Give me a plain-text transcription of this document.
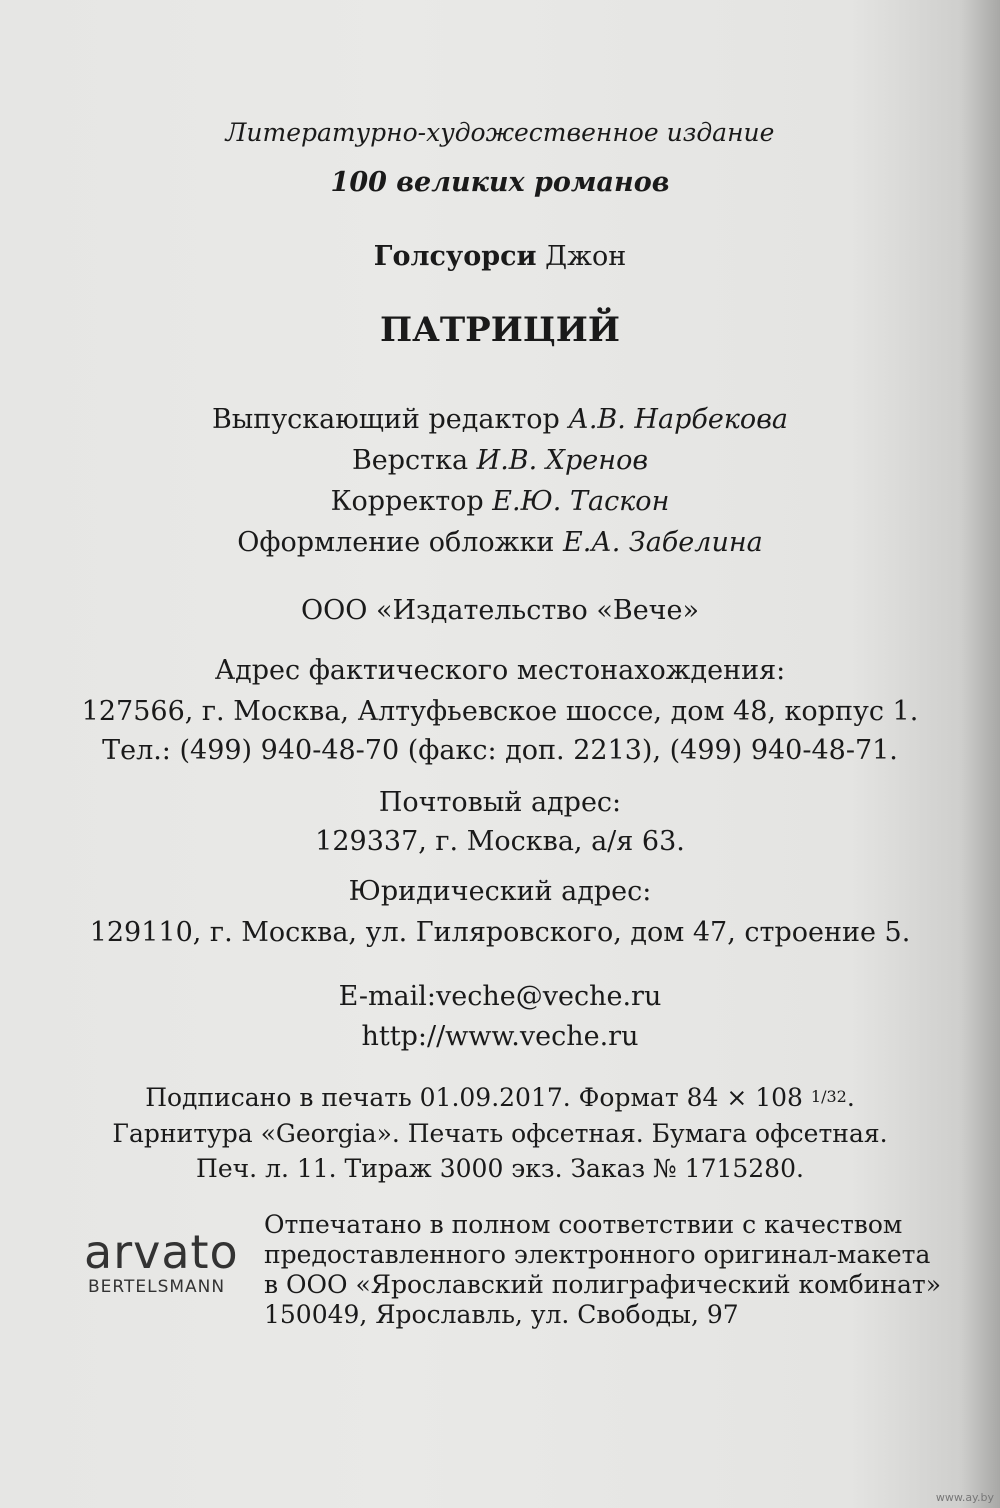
Литературно-художественное издание
100 великих романов
Голсуорси Джон
ПАТРИЦИЙ
Выпускающий редактор А.В. Нарбекова
Верстка И.В. Хренов
Корректор Е.Ю. Таскон
Оформление обложки Е.А. Забелина
ООО «Издательство «Вече»
Адрес фактического местонахождения:
127566, г. Москва, Алтуфьевское шоссе, дом 48, корпус 1.
Тел.: (499) 940-48-70 (факс: доп. 2213), (499) 940-48-71.
Почтовый адрес:
129337, г. Москва, а/я 63.
Юридический адрес:
129110, г. Москва, ул. Гиляровского, дом 47, строение 5.
E-mail:veche@veche.ru
http://www.veche.ru
Подписано в печать 01.09.2017. Формат 84 × 108 1/32.
Гарнитура «Georgia». Печать офсетная. Бумага офсетная.
Печ. л. 11. Тираж 3000 экз. Заказ № 1715280.
arvato
BERTELSMANN
Отпечатано в полном соответствии с качеством
предоставленного электронного оригинал-макета
в ООО «Ярославский полиграфический комбинат»
150049, Ярославль, ул. Свободы, 97
www.ay.by
